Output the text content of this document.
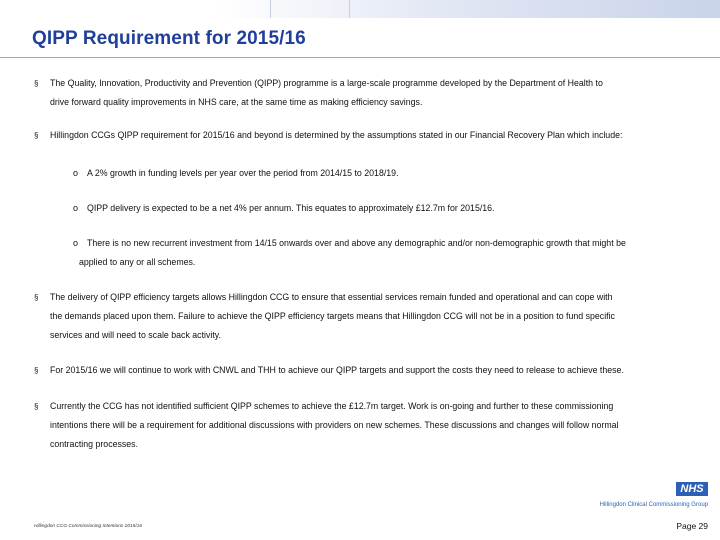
QIPP Requirement for 2015/16
§ The Quality, Innovation, Productivity and Prevention (QIPP) programme is a large-scale programme developed by the Department of Health to
drive forward quality improvements in NHS care, at the same time as making efficiency savings.
§ Hillingdon CCGs QIPP requirement for 2015/16 and beyond is determined by the assumptions stated in our Financial Recovery Plan which include:
o A 2% growth in funding levels per year over the period from 2014/15 to 2018/19.
o QIPP delivery is expected to be a net 4% per annum. This equates to approximately £12.7m for 2015/16.
o There is no new recurrent investment from 14/15 onwards over and above any demographic and/or non-demographic growth that might be
applied to any or all schemes.
§ The delivery of QIPP efficiency targets allows Hillingdon CCG to ensure that essential services remain funded and operational and can cope with
the demands placed upon them. Failure to achieve the QIPP efficiency targets means that Hillingdon CCG will not be in a position to fund specific
services and will need to scale back activity.
§ For 2015/16 we will continue to work with CNWL and THH to achieve our QIPP targets and support the costs they need to release to achieve these.
§ Currently the CCG has not identified sufficient QIPP schemes to achieve the £12.7m target. Work is on-going and further to these commissioning
intentions there will be a requirement for additional discussions with providers on new schemes. These discussions and changes will follow normal
contracting processes.
NHS
Hillingdon Clinical Commissioning Group
Hillingdon CCG Commissioning Intentions 2015/16	Page 29
